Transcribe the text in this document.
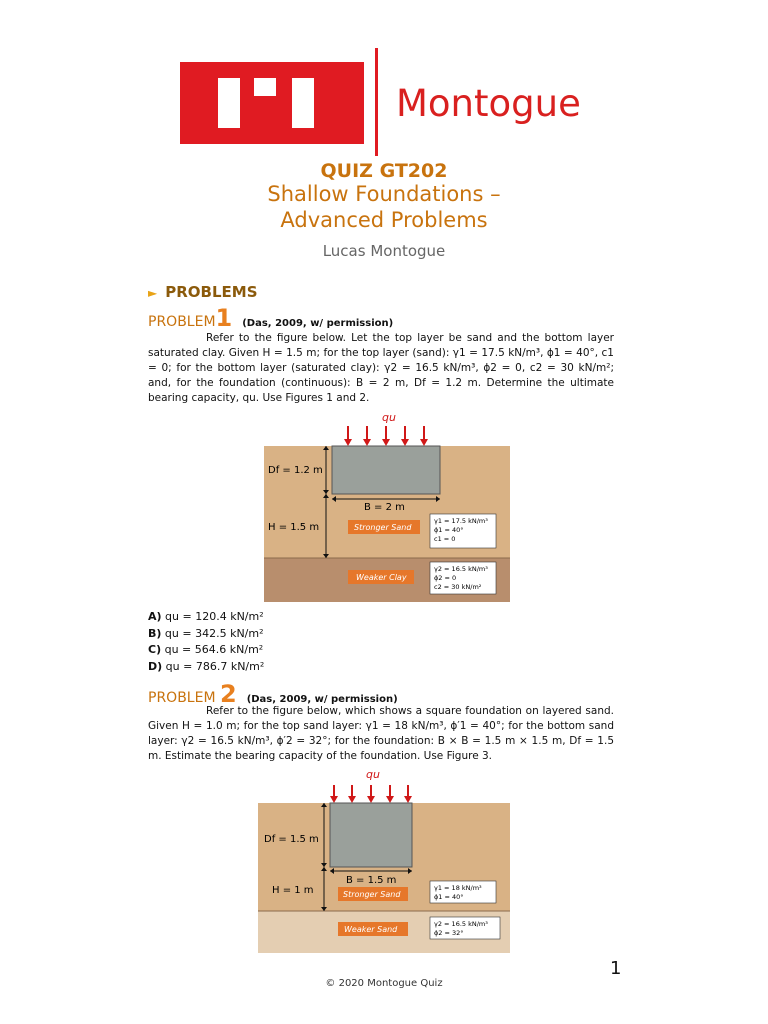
Montogue
QUIZ GT202
Shallow Foundations –
Advanced Problems
Lucas Montogue
► PROBLEMS
PROBLEM1 (Das, 2009, w/ permission)

Refer to the figure below. Let the top layer be sand and the bottom layer saturated clay. Given H = 1.5 m; for the top layer (sand): γ1 = 17.5 kN/m³, ϕ1 = 40°, c1 = 0; for the bottom layer (saturated clay): γ2 = 16.5 kN/m³, ϕ2 = 0, c2 = 30 kN/m²; and, for the foundation (continuous): B = 2 m, Df = 1.2 m. Determine the ultimate bearing capacity, qu. Use Figures 1 and 2.

qu
Df = 1.2 m
B = 2 m
H = 1.5 m	Stronger Sand
Weaker Clay
γ1 = 17.5 kN/m³
ϕ1 = 40°
c1 = 0
γ2 = 16.5 kN/m³
ϕ2 = 0
c2 = 30 kN/m²
A) qu = 120.4 kN/m²
B) qu = 342.5 kN/m²
C) qu = 564.6 kN/m²
D) qu = 786.7 kN/m²
PROBLEM 2 (Das, 2009, w/ permission)

Refer to the figure below, which shows a square foundation on layered sand. Given H = 1.0 m; for the top sand layer: γ1 = 18 kN/m³, ϕ′1 = 40°; for the bottom sand layer: γ2 = 16.5 kN/m³, ϕ′2 = 32°; for the foundation: B × B = 1.5 m × 1.5 m, Df = 1.5 m. Estimate the bearing capacity of the foundation. Use Figure 3.

qu
Df = 1.5 m
B = 1.5 m
H = 1 m	Stronger Sand
Weaker Sand
γ1 = 18 kN/m³
ϕ1 = 40°
γ2 = 16.5 kN/m³
ϕ2 = 32°
1
© 2020 Montogue Quiz
